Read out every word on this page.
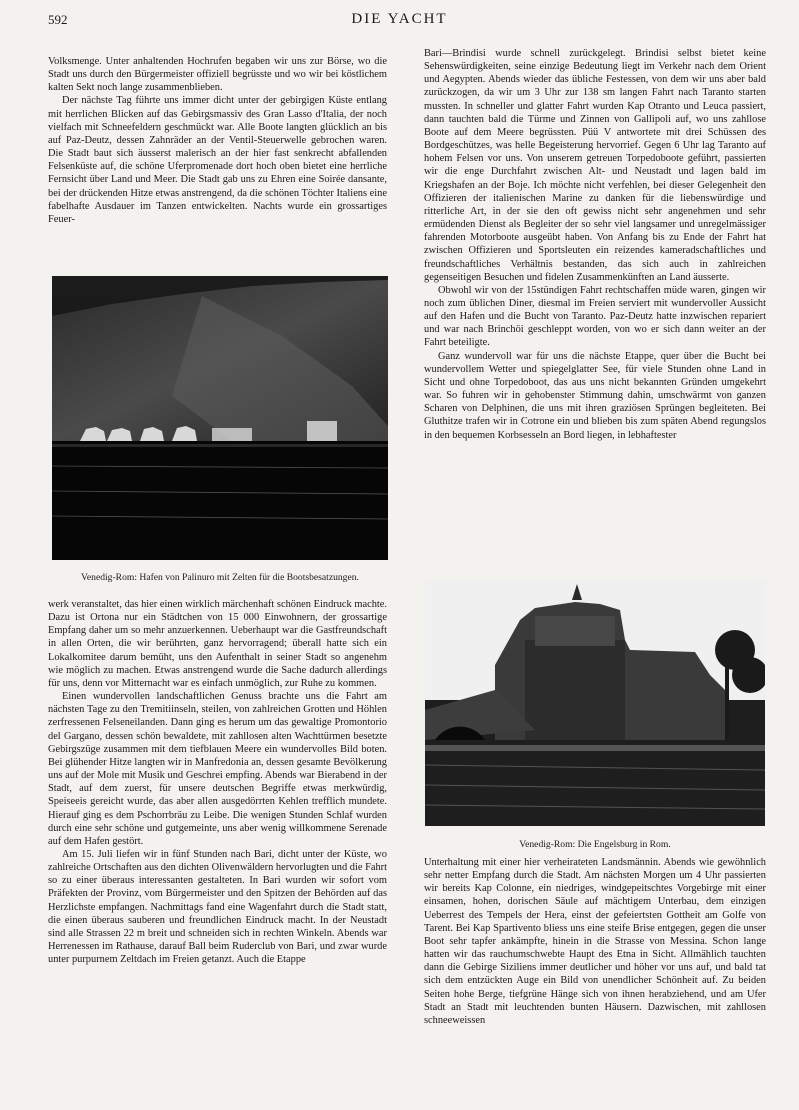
592	DIE YACHT

Volksmenge. Unter anhaltenden Hochrufen begaben wir uns zur Börse, wo die Stadt uns durch den Bürgermeister offiziell begrüsste und wo wir bei köstlichem kalten Sekt noch lange zusammenblieben.

Der nächste Tag führte uns immer dicht unter der gebirgigen Küste entlang mit herrlichen Blicken auf das Gebirgsmassiv des Gran Lasso d'Italia, der noch vielfach mit Schneefeldern geschmückt war. Alle Boote langten glücklich an bis auf Paz-Deutz, dessen Zahnräder an der Ventil-Steuerwelle gebrochen waren. Die Stadt baut sich äusserst malerisch an der hier fast senkrecht abfallenden Felsenküste auf, die schöne Uferpromenade dort hoch oben bietet eine herrliche Fernsicht über Land und Meer. Die Stadt gab uns zu Ehren eine Soirée dansante, bei der drückenden Hitze etwas anstrengend, da die schönen Töchter Italiens eine fabelhafte Ausdauer im Tanzen entwickelten. Nachts wurde ein grossartiges Feuer-

Venedig-Rom: Hafen von Palinuro mit Zelten für die Bootsbesatzungen.

werk veranstaltet, das hier einen wirklich märchenhaft schönen Eindruck machte. Dazu ist Ortona nur ein Städtchen von 15 000 Einwohnern, der grossartige Empfang daher um so mehr anzuerkennen. Ueberhaupt war die Gastfreundschaft in allen Orten, die wir berührten, ganz hervorragend; überall hatte sich ein Lokalkomitee darum bemüht, uns den Aufenthalt in seiner Stadt so angenehm wie möglich zu machen. Etwas anstrengend wurde die Sache dadurch allerdings für uns, denn vor Mitternacht war es einfach unmöglich, zur Ruhe zu kommen.

Einen wundervollen landschaftlichen Genuss brachte uns die Fahrt am nächsten Tage zu den Tremitiinseln, steilen, von zahlreichen Grotten und Höhlen zerfressenen Felseneilanden. Dann ging es herum um das gewaltige Promontorio del Gargano, dessen schön bewaldete, mit zahllosen alten Wachttürmen besetzte Gebirgszüge zusammen mit dem tiefblauen Meere ein wundervolles Bild boten. Bei glühender Hitze langten wir in Manfredonia an, dessen gesamte Bevölkerung uns auf der Mole mit Musik und Geschrei empfing. Abends war Bierabend in der Stadt, auf dem zuerst, für unsere deutschen Begriffe etwas merkwürdig, Speiseeis gereicht wurde, das aber allen ausgedörrten Kehlen trefflich mundete. Hierauf ging es dem Pschorrbräu zu Leibe. Die wenigen Stunden Schlaf wurden durch eine sehr schöne und gutgemeinte, uns aber wenig willkommene Serenade auf dem Hafen gestört.

Am 15. Juli liefen wir in fünf Stunden nach Bari, dicht unter der Küste, wo zahlreiche Ortschaften aus den dichten Olivenwäldern hervorlugten und die Fahrt so zu einer überaus interessanten gestalteten. In Bari wurden wir sofort vom Präfekten der Provinz, vom Bürgermeister und den Spitzen der Behörden auf das Herzlichste empfangen. Nachmittags fand eine Wagenfahrt durch die Stadt statt, die einen überaus sauberen und freundlichen Eindruck macht. In der Neustadt sind alle Strassen 22 m breit und schneiden sich in rechten Winkeln. Abends war Herrenessen im Rathause, darauf Ball beim Ruderclub von Bari, und zwar wurde unter purpurnem Zeltdach im Freien getanzt. Auch die Etappe

Bari—Brindisi wurde schnell zurückgelegt. Brindisi selbst bietet keine Sehenswürdigkeiten, seine einzige Bedeutung liegt im Verkehr nach dem Orient und Aegypten. Abends wieder das übliche Festessen, von dem wir uns aber bald zurückzogen, da wir um 3 Uhr zur 138 sm langen Fahrt nach Taranto starten mussten. In schneller und glatter Fahrt wurden Kap Otranto und Leuca passiert, dann tauchten bald die Türme und Zinnen von Gallipoli auf, wo uns zahllose Boote auf dem Meere begrüssten. Püü V antwortete mit drei Schüssen des Bordgeschützes, was helle Begeisterung hervorrief. Gegen 6 Uhr lag Taranto auf hohem Felsen vor uns. Von unserem getreuen Torpedoboote geführt, passierten wir die enge Durchfahrt zwischen Alt- und Neustadt und lagen bald im Kriegshafen an der Boje. Ich möchte nicht verfehlen, bei dieser Gelegenheit den Offizieren der italienischen Marine zu danken für die liebenswürdige und ritterliche Art, in der sie den oft gewiss nicht sehr angenehmen und sehr ermüdenden Dienst als Begleiter der so sehr viel langsamer und unregelmässiger fahrenden Motorboote ausgeübt haben. Von Anfang bis zu Ende der Fahrt hat zwischen Offizieren und Sportsleuten ein reizendes kameradschaftliches und freundschaftliches Verhältnis bestanden, das sich auch in zahlreichen gegenseitigen Besuchen und fidelen Zusammenkünften an Land äusserte.

Obwohl wir von der 15stündigen Fahrt rechtschaffen müde waren, gingen wir noch zum üblichen Diner, diesmal im Freien serviert mit wundervoller Aussicht auf den Hafen und die Bucht von Taranto. Paz-Deutz hatte inzwischen repariert und war nach Brinchöi geschleppt worden, von wo er sich dann weiter an der Fahrt beteiligte.

Ganz wundervoll war für uns die nächste Etappe, quer über die Bucht bei wundervollem Wetter und spiegelglatter See, für viele Stunden ohne Land in Sicht und ohne Torpedoboot, das aus uns nicht bekannten Gründen umgekehrt war. So fuhren wir in gehobenster Stimmung dahin, umschwärmt von ganzen Scharen von Delphinen, die uns mit ihren graziösen Sprüngen begleiteten. Bei Gluthitze trafen wir in Cotrone ein und blieben bis zum späten Abend regungslos in den bequemen Korbsesseln an Bord liegen, in lebhaftester

Venedig-Rom: Die Engelsburg in Rom.

Unterhaltung mit einer hier verheirateten Landsmännin. Abends wie gewöhnlich sehr netter Empfang durch die Stadt. Am nächsten Morgen um 4 Uhr passierten wir bereits Kap Colonne, ein niedriges, windgepeitschtes Vorgebirge mit einer einsamen, hohen, dorischen Säule auf mächtigem Unterbau, dem einzigen Ueberrest des Tempels der Hera, einst der gefeiertsten Gottheit am Golfe von Tarent. Bei Kap Spartivento bliess uns eine steife Brise entgegen, gegen die unser Boot sehr tapfer ankämpfte, hinein in die Strasse von Messina. Schon lange hatten wir das rauchumschwebte Haupt des Etna in Sicht. Allmählich tauchten dann die Gebirge Siziliens immer deutlicher und höher vor uns auf, und bald tat sich dem entzückten Auge ein Bild von unendlicher Schönheit auf. Zu beiden Seiten hohe Berge, tiefgrüne Hänge sich von ihnen herabziehend, und am Ufer Stadt an Stadt mit leuchtenden bunten Häusern. Dazwischen, mit zahllosen schneeweissen
